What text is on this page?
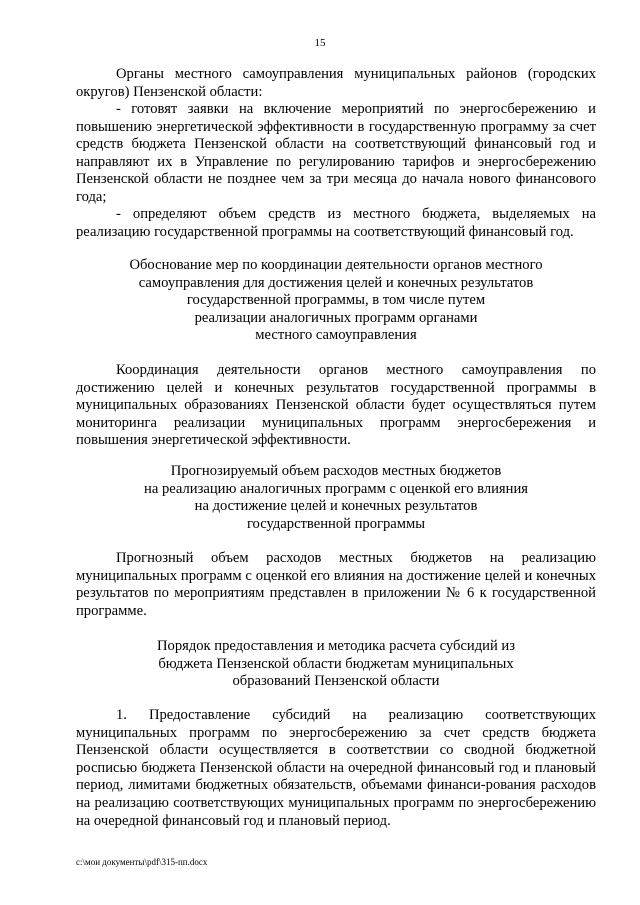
15

Органы местного самоуправления муниципальных районов (городских округов) Пензенской области:

- готовят заявки на включение мероприятий по энергосбережению и повышению энергетической эффективности в государственную программу за счет средств бюджета Пензенской области на соответствующий финансовый год и направляют их в Управление по регулированию тарифов и энергосбережению Пензенской области не позднее чем за три месяца до начала нового финансового года;

- определяют объем средств из местного бюджета, выделяемых на реализацию государственной программы на соответствующий финансовый год.

Обоснование мер по координации деятельности органов местного
самоуправления для достижения целей и конечных результатов
государственной программы, в том числе путем
реализации аналогичных программ органами
местного самоуправления

Координация деятельности органов местного самоуправления по достижению целей и конечных результатов государственной программы в муниципальных образованиях Пензенской области будет осуществляться путем мониторинга реализации муниципальных программ энергосбережения и повышения энергетической эффективности.

Прогнозируемый объем расходов местных бюджетов
на реализацию аналогичных программ с оценкой его влияния
на достижение целей и конечных результатов
государственной программы

Прогнозный объем расходов местных бюджетов на реализацию муниципальных программ с оценкой его влияния на достижение целей и конечных результатов по мероприятиям представлен в приложении № 6 к государственной программе.

Порядок предоставления и методика расчета субсидий из
бюджета Пензенской области бюджетам муниципальных
образований Пензенской области

1. Предоставление субсидий на реализацию соответствующих муниципальных программ по энергосбережению за счет средств бюджета Пензенской области осуществляется в соответствии со сводной бюджетной росписью бюджета Пензенской области на очередной финансовый год и плановый период, лимитами бюджетных обязательств, объемами финанси-рования расходов на реализацию соответствующих муниципальных программ по энергосбережению на очередной финансовый год и плановый период.

c:\мои документы\pdf\315-пп.docx
